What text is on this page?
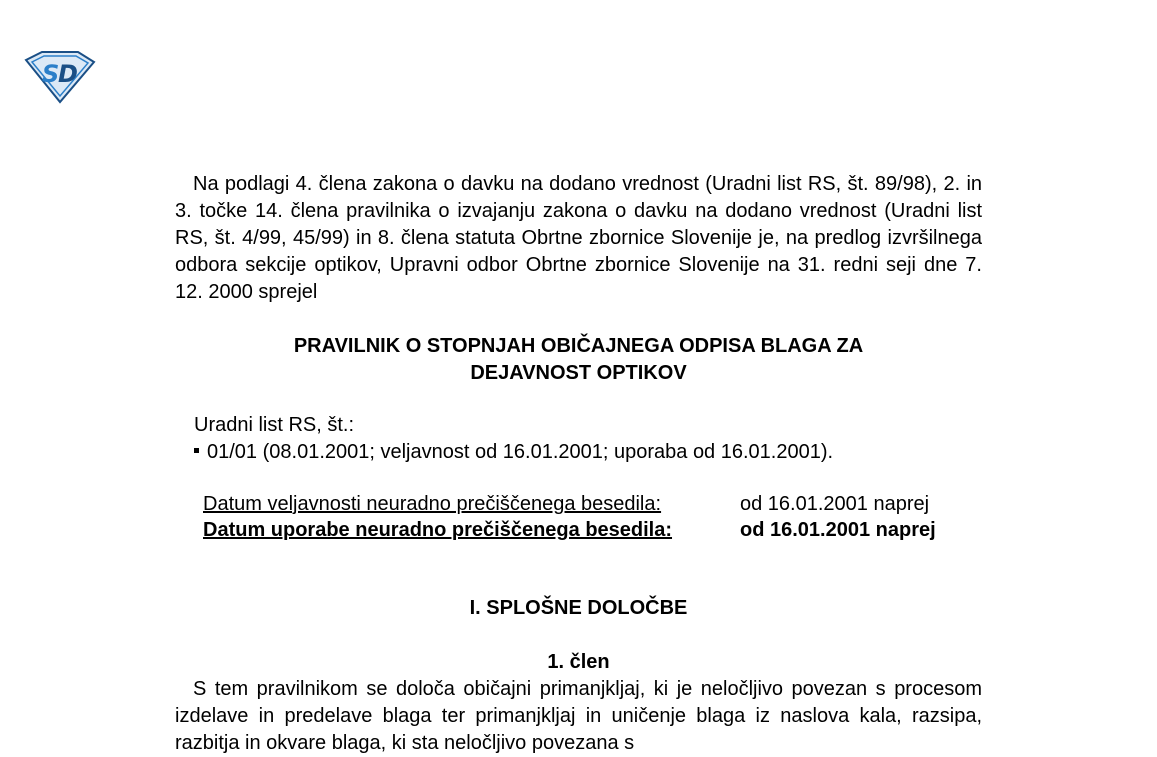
S
D
Na podlagi 4. člena zakona o davku na dodano vrednost (Uradni list RS, št. 89/98), 2. in 3. točke 14. člena pravilnika o izvajanju zakona o davku na dodano vrednost (Uradni list RS, št. 4/99, 45/99) in 8. člena statuta Obrtne zbornice Slovenije je, na predlog izvršilnega odbora sekcije optikov, Upravni odbor Obrtne zbornice Slovenije na 31. redni seji dne 7. 12. 2000 sprejel
PRAVILNIK O STOPNJAH OBIČAJNEGA ODPISA BLAGA ZA
DEJAVNOST OPTIKOV
Uradni list RS, št.:
01/01 (08.01.2001; veljavnost od 16.01.2001; uporaba od 16.01.2001).
Datum veljavnosti neuradno prečiščenega besedila:	od 16.01.2001 naprej
Datum uporabe neuradno prečiščenega besedila:	od 16.01.2001 naprej
I. SPLOŠNE DOLOČBE
1. člen
S tem pravilnikom se določa običajni primanjkljaj, ki je neločljivo povezan s procesom izdelave in predelave blaga ter primanjkljaj in uničenje blaga iz naslova kala, razsipa, razbitja in okvare blaga, ki sta neločljivo povezana s
